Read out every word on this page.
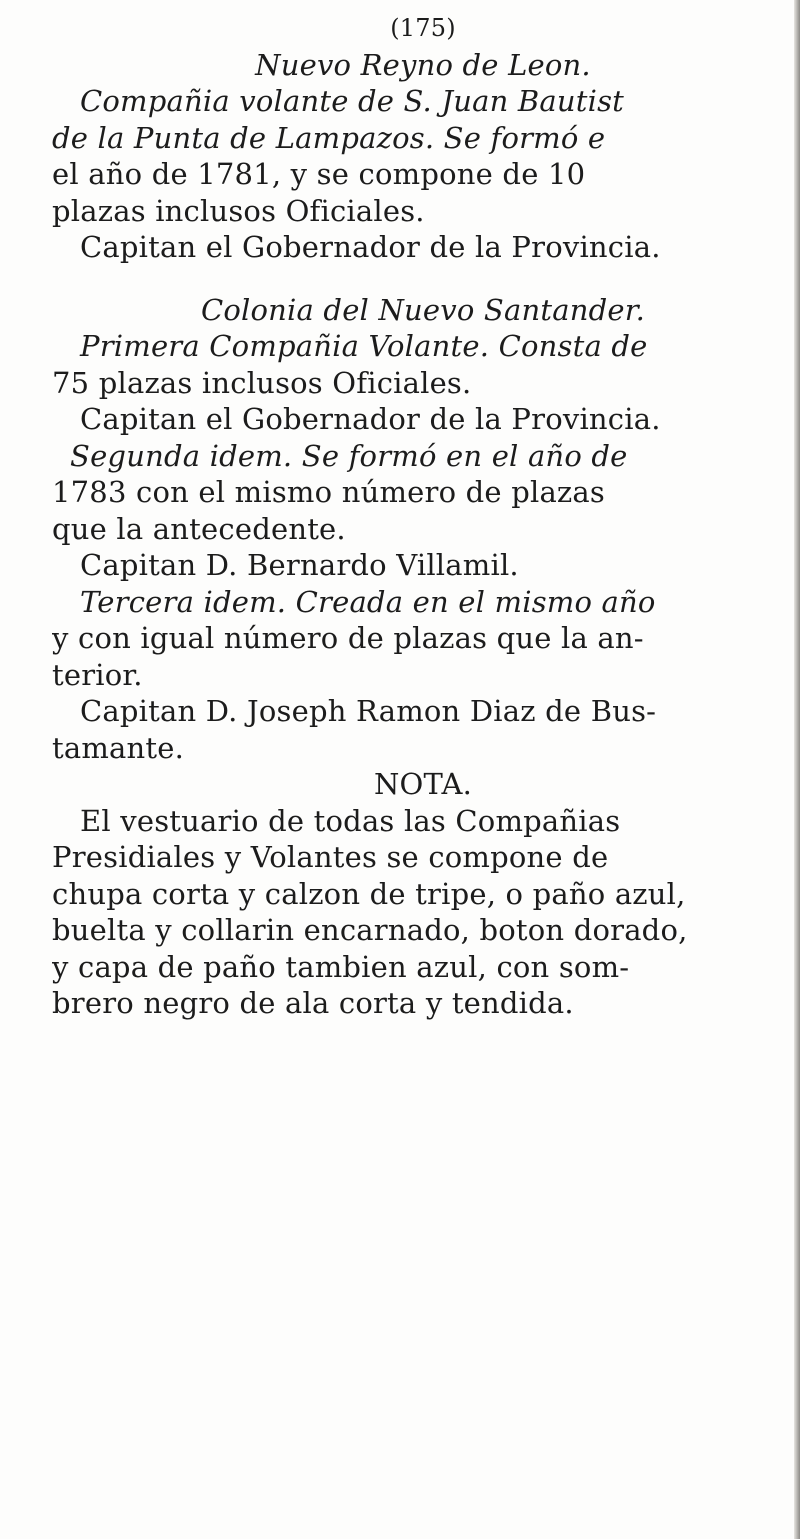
(175)
Nuevo Reyno de Leon.
Compañia volante de S. Juan Bautist
de la Punta de Lampazos. Se formó e
el año de 1781, y se compone de 10
plazas inclusos Oficiales.
Capitan el Gobernador de la Provincia.
Colonia del Nuevo Santander.
Primera Compañia Volante. Consta de
75 plazas inclusos Oficiales.
Capitan el Gobernador de la Provincia.
Segunda idem. Se formó en el año de
1783 con el mismo número de plazas
que la antecedente.
Capitan D. Bernardo Villamil.
Tercera idem. Creada en el mismo año
y con igual número de plazas que la an-
terior.
Capitan D. Joseph Ramon Diaz de Bus-
tamante.
NOTA.
El vestuario de todas las Compañias
Presidiales y Volantes se compone de
chupa corta y calzon de tripe, o paño azul,
buelta y collarin encarnado, boton dorado,
y capa de paño tambien azul, con som-
brero negro de ala corta y tendida.
